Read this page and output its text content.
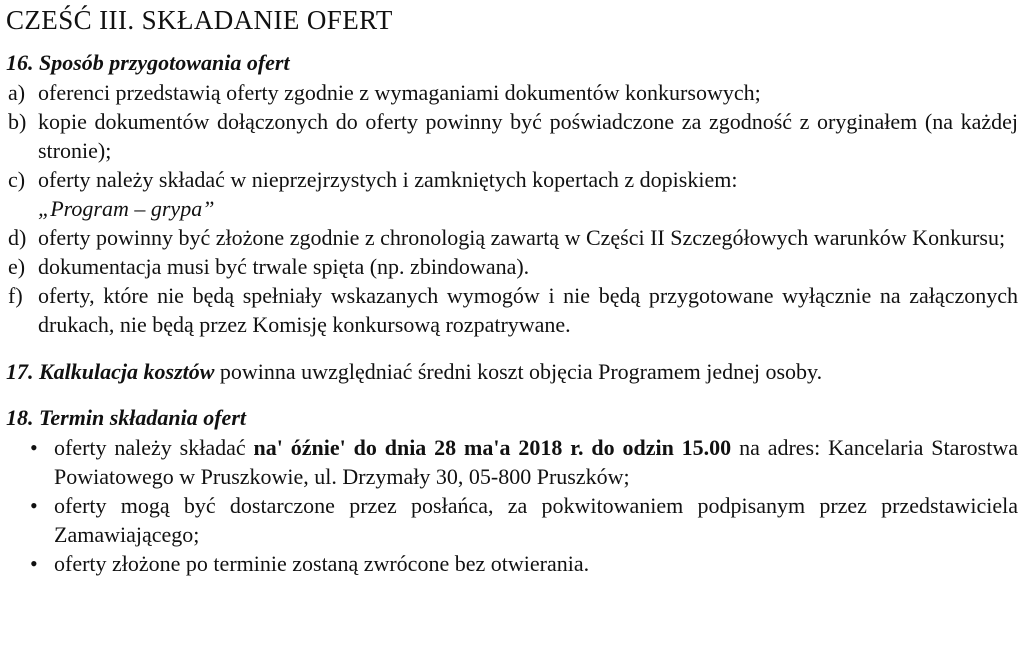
CZEŚĆ III. SKŁADANIE OFERT
16. Sposób przygotowania ofert
a) oferenci przedstawią oferty zgodnie z wymaganiami dokumentów konkursowych;
b) kopie dokumentów dołączonych do oferty powinny być poświadczone za zgodność z oryginałem (na każdej stronie);
c) oferty należy składać w nieprzejrzystych i zamkniętych kopertach z dopiskiem:
„Program – grypa”
d) oferty powinny być złożone zgodnie z chronologią zawartą w Części II Szczegółowych warunków Konkursu;
e) dokumentacja musi być trwale spięta (np. zbindowana).
f) oferty, które nie będą spełniały wskazanych wymogów i nie będą przygotowane wyłącznie na załączonych drukach, nie będą przez Komisję konkursową rozpatrywane.
17. Kalkulacja kosztów powinna uwzględniać średni koszt objęcia Programem jednej osoby.
18. Termin składania ofert
• oferty należy składać na' óźnie' do dnia 28 ma'a 2018 r. do odzin 15.00 na adres: Kancelaria Starostwa Powiatowego w Pruszkowie, ul. Drzymały 30, 05-800 Pruszków;
• oferty mogą być dostarczone przez posłańca, za pokwitowaniem podpisanym przez przedstawiciela Zamawiającego;
• oferty złożone po terminie zostaną zwrócone bez otwierania.
